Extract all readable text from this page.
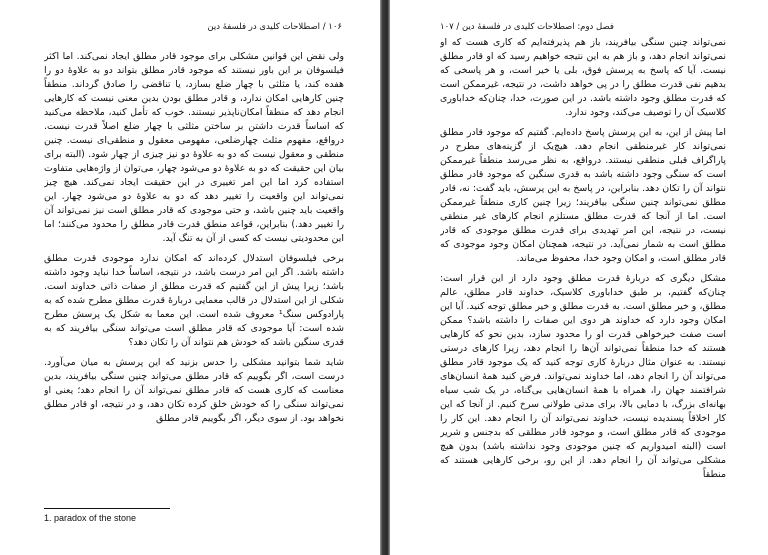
۱۰۶ / اصطلاحات کلیدی در فلسفهٔ دین

ولی نقض این قوانین مشکلی برای موجود قادر مطلق ایجاد نمی‌کند. اما اکثر فیلسوفان بر این باور نیستند که موجود قادر مطلق بتواند دو به علاوهٔ دو را هفده کند، یا مثلثی با چهار ضلع بسازد، یا تناقضی را صادق گرداند. منطقاً چنین کارهایی امکان ندارد، و قادر مطلق بودن بدین معنی نیست که کارهایی انجام دهد که منطقاً امکان‌ناپذیر نیستند. خوب که تأمل کنید، ملاحظه می‌کنید که اساساً قدرت داشتن بر ساختن مثلثی با چهار ضلع اصلاً قدرت نیست. درواقع، مفهوم مثلث چهارضلعی، مفهومی معقول و منطقی‌ای نیست. چنین منطقی و معقول نیست که دو به علاوهٔ دو نیز چیزی از چهار شود. (البته برای بیان این حقیقت که دو به علاوهٔ دو می‌شود چهار، می‌توان از واژه‌هایی متفاوت استفاده کرد اما این امر تغییری در این حقیقت ایجاد نمی‌کند. هیچ چیز نمی‌تواند این واقعیت را تغییر دهد که دو به علاوهٔ دو می‌شود چهار. این واقعیت باید چنین باشد، و حتی موجودی که قادر مطلق است نیز نمی‌تواند آن را تغییر دهد.) بنابراین، قواعد منطق قدرت قادر مطلق را محدود می‌کنند؛ اما این محدودیتی نیست که کسی از آن به تنگ آید.

برخی فیلسوفان استدلال کرده‌اند که امکان ندارد موجودی قدرت مطلق داشته باشد. اگر این امر درست باشد، در نتیجه، اساساً خدا نباید وجود داشته باشد؛ زیرا پیش از این گفتیم که قدرت مطلق از صفات ذاتی خداوند است. شکلی از این استدلال در قالب معمایی دربارهٔ قدرت مطلق مطرح شده که به پارادوکس سنگ¹ معروف شده است. این معما به شکل یک پرسش مطرح شده است: آیا موجودی که قادر مطلق است می‌تواند سنگی بیافریند که به قدری سنگین باشد که خودش هم نتواند آن را تکان دهد؟

شاید شما بتوانید مشکلی را حدس بزنید که این پرسش به میان می‌آورد. درست است، اگر بگوییم که قادر مطلق می‌تواند چنین سنگی بیافریند، بدین معناست که کاری هست که قادر مطلق نمی‌تواند آن را انجام دهد؛ یعنی او نمی‌تواند سنگی را که خودش خلق کرده تکان دهد، و در نتیجه، او قادر مطلق نخواهد بود. از سوی دیگر، اگر بگوییم قادر مطلق

1. paradox of the stone
فصل دوم: اصطلاحات کلیدی در فلسفهٔ دین / ۱۰۷

نمی‌تواند چنین سنگی بیافریند، باز هم پذیرفته‌ایم که کاری هست که او نمی‌تواند انجام دهد، و باز هم به این نتیجه خواهیم رسید که او قادر مطلق نیست. آیا که پاسخ به پرسش فوق، بلی یا خیر است، و هر پاسخی که بدهیم نفی قدرت مطلق را در پی خواهد داشت، در نتیجه، غیرممکن است که قدرت مطلق وجود داشته باشد. در این صورت، خدا، چنان‌که خداباوری کلاسیک آن را توصیف می‌کند، وجود ندارد.

اما پیش از این، به این پرسش پاسخ داده‌ایم. گفتیم که موجود قادر مطلق نمی‌تواند کار غیرمنطقی انجام دهد. هیچ‌یک از گزینه‌های مطرح در پاراگراف قبلی منطقی نیستند. درواقع، به نظر می‌رسد منطقاً غیرممکن است که سنگی وجود داشته باشد به قدری سنگین که موجود قادر مطلق نتواند آن را تکان دهد. بنابراین، در پاسخ به این پرسش، باید گفت: نه، قادر مطلق نمی‌تواند چنین سنگی بیافریند؛ زیرا چنین کاری منطقاً غیرممکن است. اما از آنجا که قدرت مطلق مستلزم انجام کارهای غیر منطقی نیست، در نتیجه، این امر تهدیدی برای قدرت مطلق موجودی که قادر مطلق است به شمار نمی‌آید. در نتیجه، همچنان امکان وجود موجودی که قادر مطلق است، و امکان وجود خدا، محفوظ می‌ماند.

مشکل دیگری که دربارهٔ قدرت مطلق وجود دارد از این قرار است: چنان‌که گفتیم، بر طبق خداباوری کلاسیک، خداوند قادر مطلق، عالم مطلق، و خیر مطلق است. به قدرت مطلق و خیر مطلق توجه کنید. آیا این امکان وجود دارد که خداوند هر دوی این صفات را داشته باشد؟ ممکن است صفت خیرخواهی قدرت او را محدود سازد، بدین نحو که کارهایی هستند که خدا منطقاً نمی‌تواند آن‌ها را انجام دهد، زیرا کارهای درستی نیستند. به عنوان مثال دربارهٔ کاری توجه کنید که یک موجود قادر مطلق می‌تواند آن را انجام دهد، اما خداوند نمی‌تواند. فرض کنید همهٔ انسان‌های شرافتمند جهان را، همراه با همهٔ انسان‌هایی بی‌گناه، در یک شب سیاه بهانه‌ای بزرگ، با دمایی بالا، برای مدتی طولانی سرخ کنیم. از آنجا که این کار اخلاقاً پسندیده نیست، خداوند نمی‌تواند آن را انجام دهد. این کار را موجودی که قادر مطلق است، و موجود قادر مطلقی که بدجنس و شریر است (البته امیدواریم که چنین موجودی وجود نداشته باشد) بدون هیچ مشکلی می‌تواند آن را انجام دهد. از این رو، برخی کارهایی هستند که منطقاً
